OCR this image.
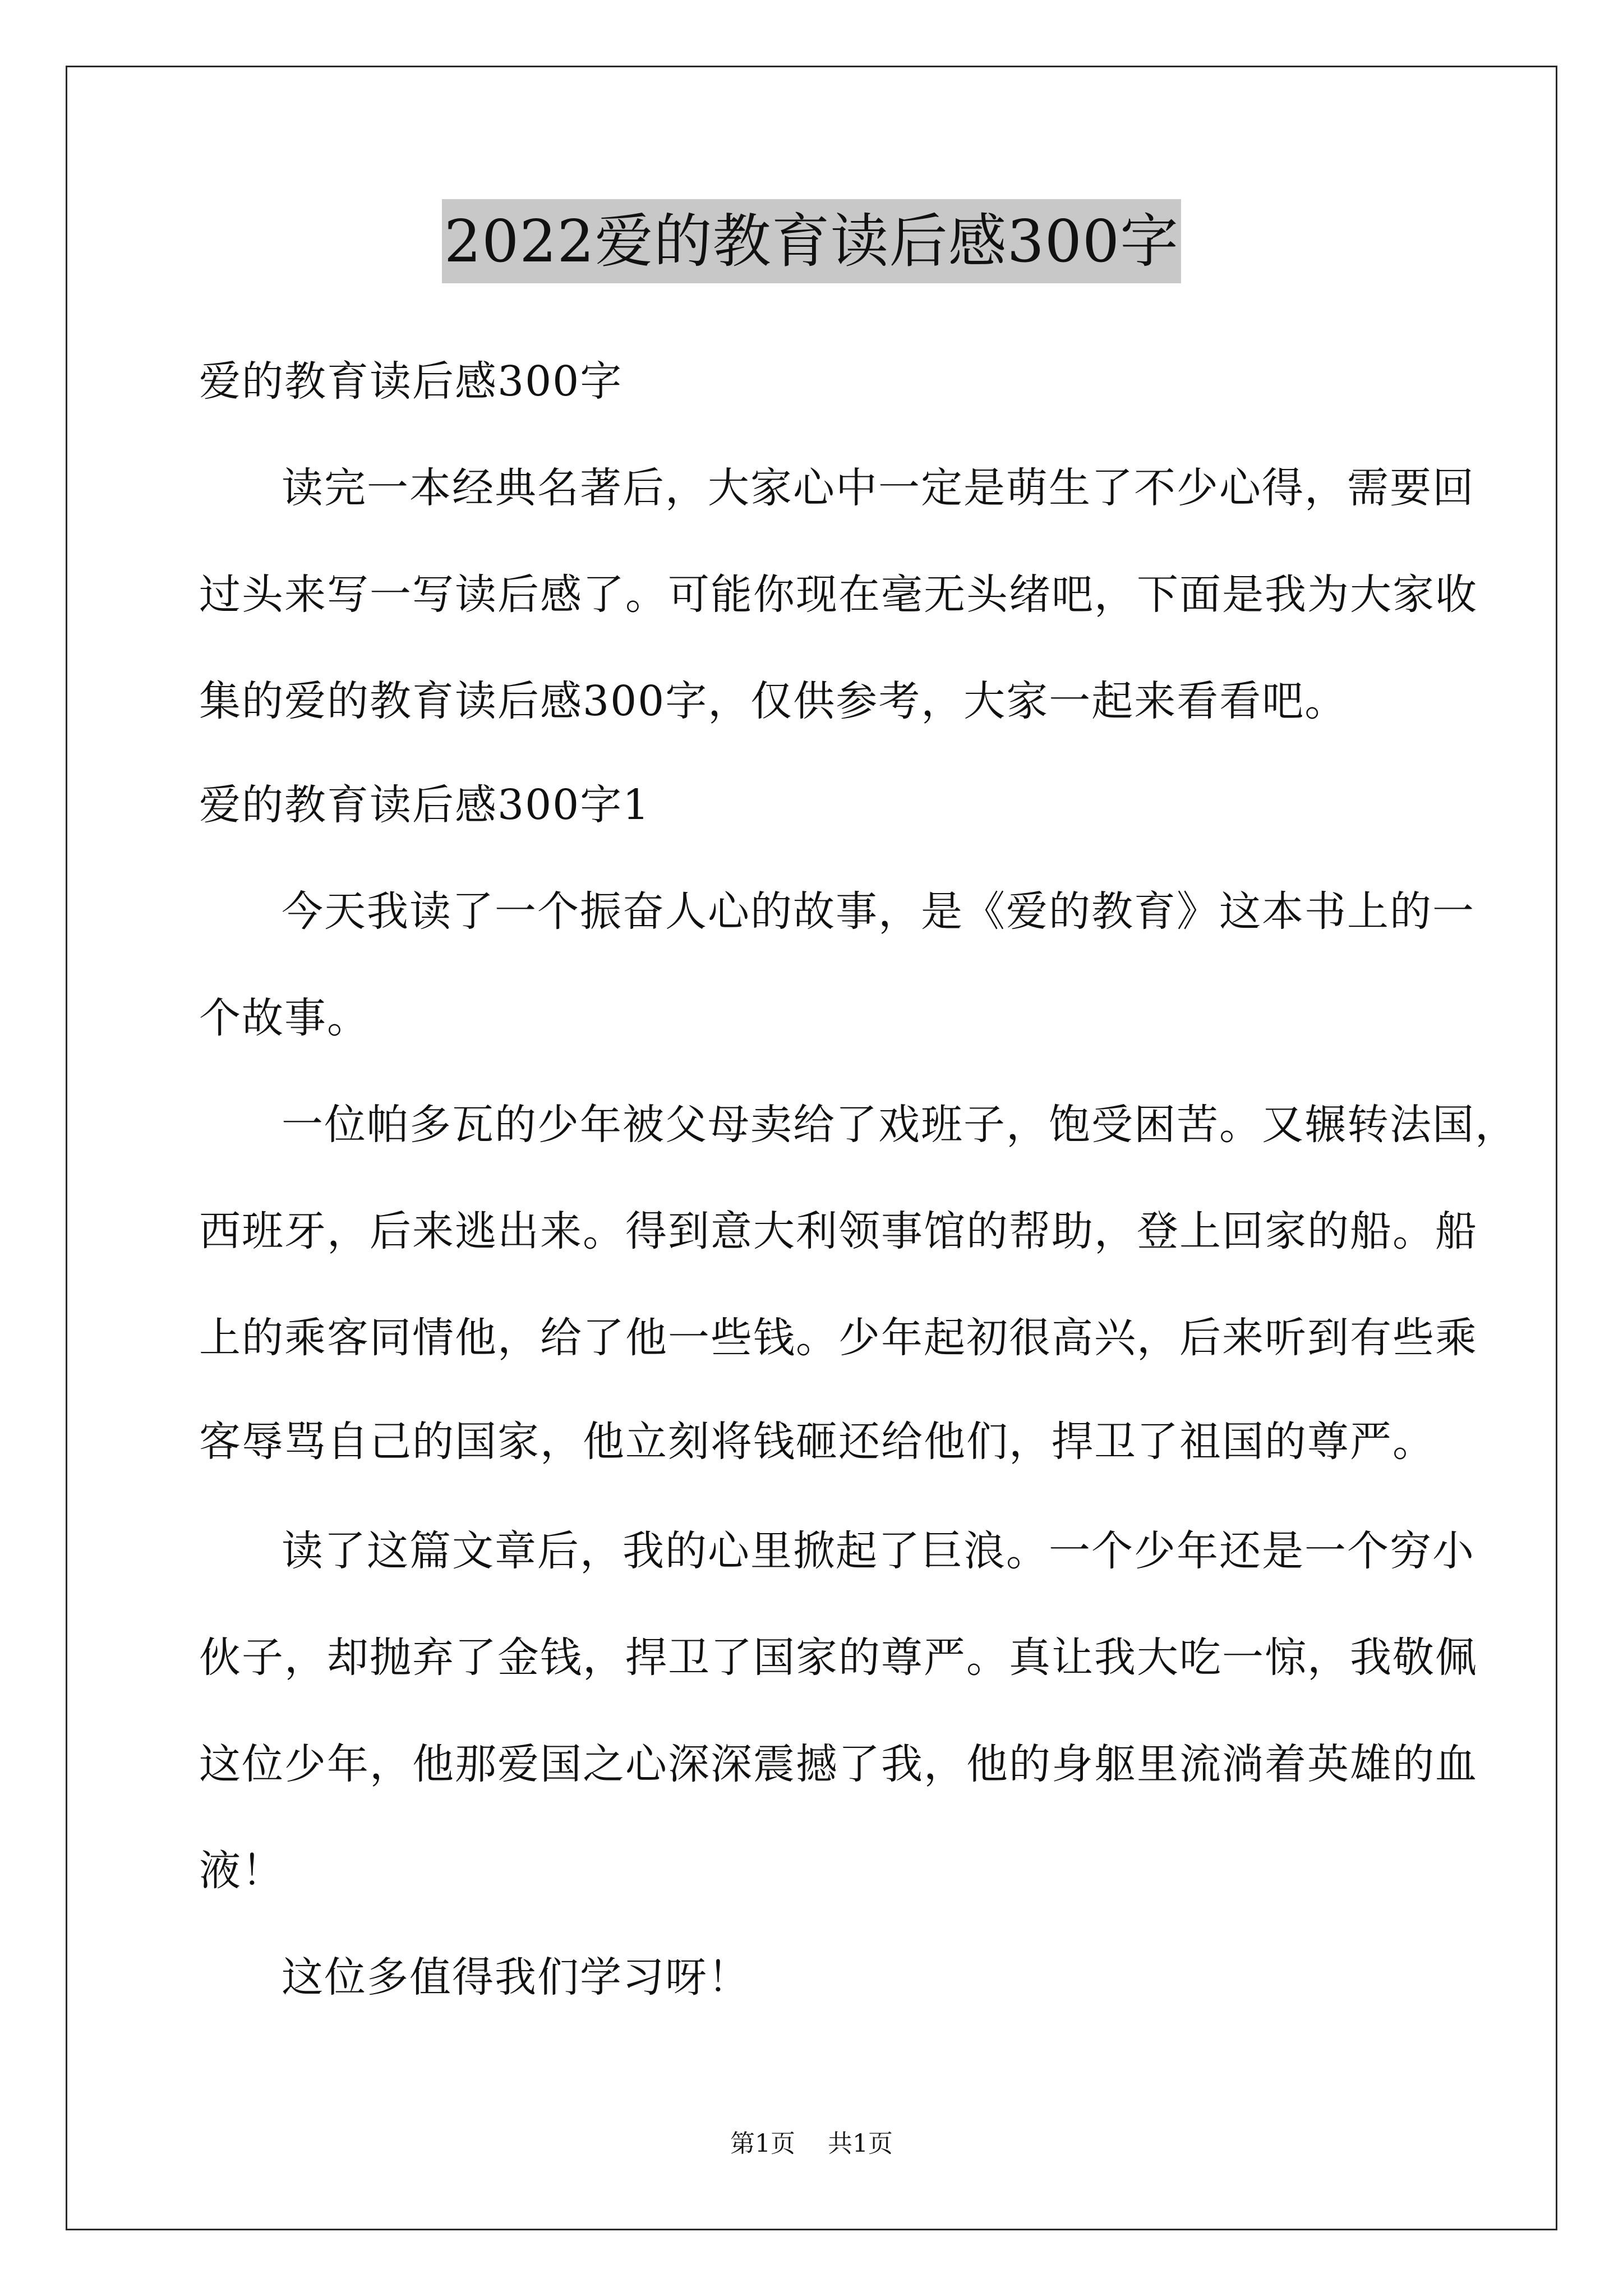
2022爱的教育读后感300字
爱的教育读后感300字
读完一本经典名著后，大家心中一定是萌生了不少心得，需要回
过头来写一写读后感了。可能你现在毫无头绪吧，下面是我为大家收
集的爱的教育读后感300字，仅供参考，大家一起来看看吧。
爱的教育读后感300字1
今天我读了一个振奋人心的故事，是《爱的教育》这本书上的一
个故事。
一位帕多瓦的少年被父母卖给了戏班子，饱受困苦。又辗转法国，
西班牙，后来逃出来。得到意大利领事馆的帮助，登上回家的船。船
上的乘客同情他，给了他一些钱。少年起初很高兴，后来听到有些乘
客辱骂自己的国家，他立刻将钱砸还给他们，捍卫了祖国的尊严。
读了这篇文章后，我的心里掀起了巨浪。一个少年还是一个穷小
伙子，却抛弃了金钱，捍卫了国家的尊严。真让我大吃一惊，我敬佩
这位少年，他那爱国之心深深震撼了我，他的身躯里流淌着英雄的血
液！
这位多值得我们学习呀！
第1页 共1页
